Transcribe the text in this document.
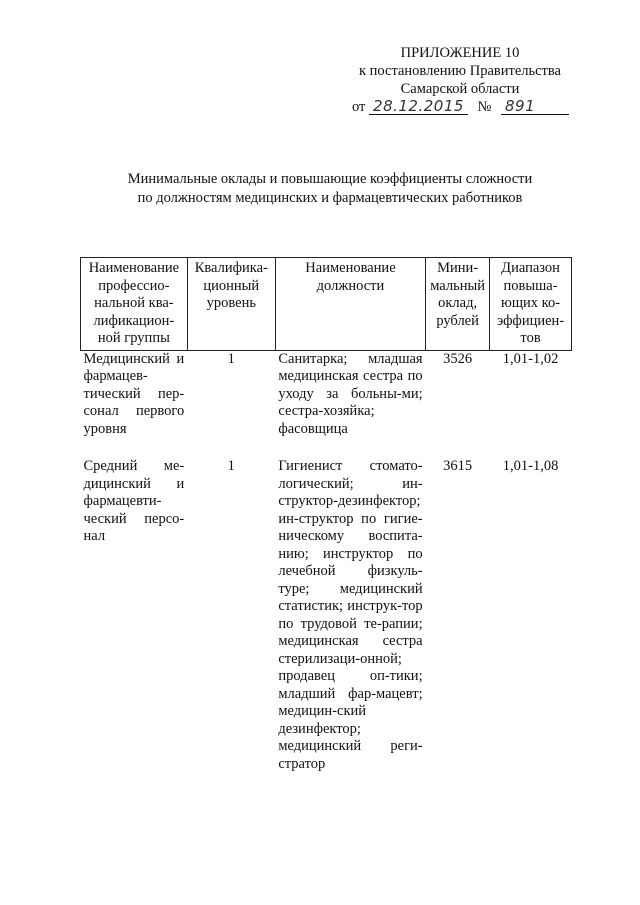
ПРИЛОЖЕНИЕ 10
к постановлению Правительства
Самарской области
от 28.12.2015 № 891
Минимальные оклады и повышающие коэффициенты сложности
по должностям медицинских и фармацевтических работников
Наименование профессио-нальной ква-лификацион-ной группы	Квалифика-ционный уровень	Наименование должности	Мини-мальный оклад, рублей	Диапазон повыша-ющих ко-эффициен-тов
Медицинский и фармацев-тический пер-сонал первого уровня	1	Санитарка; младшая медицинская сестра по уходу за больны-ми; сестра-хозяйка; фасовщица	3526	1,01-1,02
Средний ме-дицинский и фармацевти-ческий персо-нал	1	Гигиенист стомато-логический; ин-структор-дезинфектор; ин-структор по гигие-ническому воспита-нию; инструктор по лечебной физкуль-туре; медицинский статистик; инструк-тор по трудовой те-рапии; медицинская сестра стерилизаци-онной; продавец оп-тики; младший фар-мацевт; медицин-ский дезинфектор; медицинский реги-стратор	3615	1,01-1,08
